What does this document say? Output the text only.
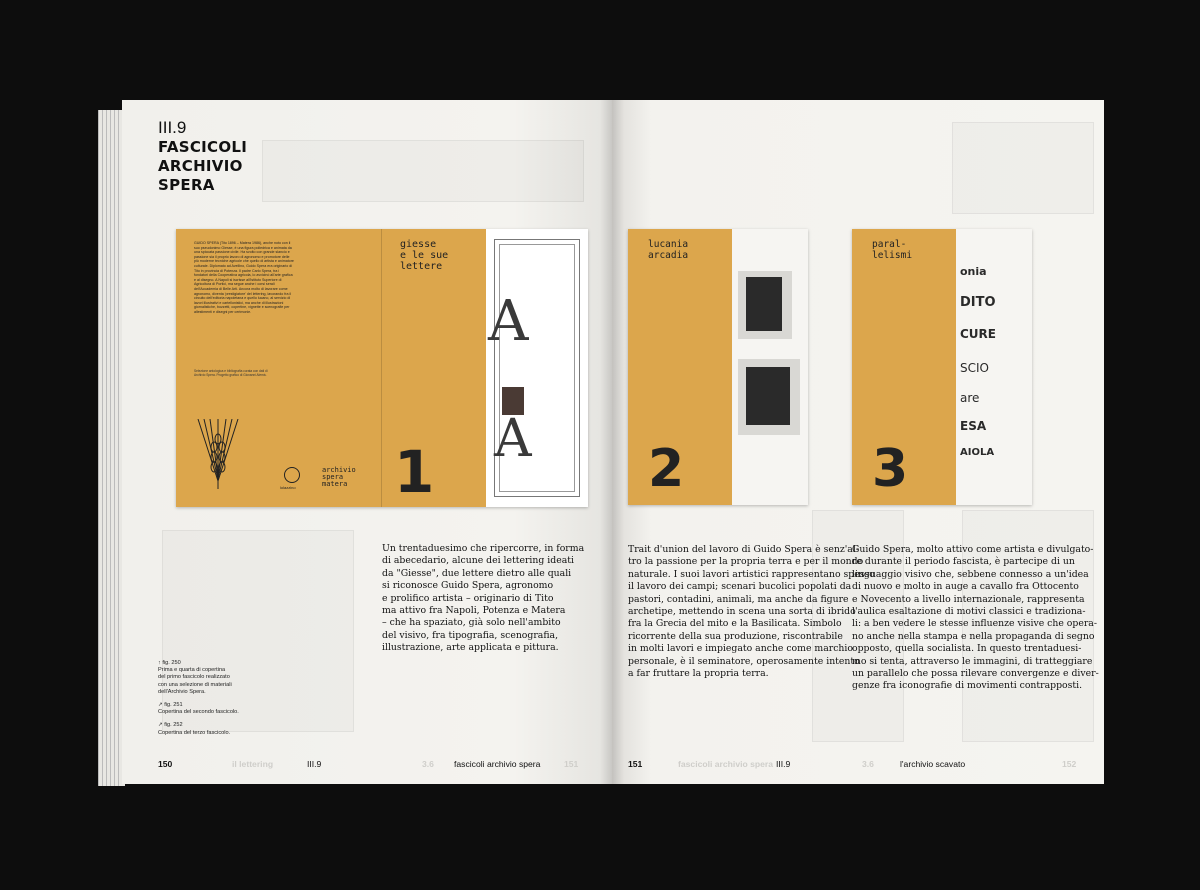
III.9
FASCICOLI
ARCHIVIO
SPERA
GUIDO SPERA (Tito 1896 – Matera 1986), anche noto con il suo pseudonimo Giesse, è una figura poliedrica e animata da una spiccata passione civile. Ha svolto con grande slancio e passione sia il proprio lavoro di agronomo e promotore delle più moderne tecniche agricole che quello di artista e animatore culturale. Diplomato ad Avellino, Guido Spera era originario di Tito in provincia di Potenza. Il padre Carlo Spera, tra i fondatori della Cooperativa agricola, lo avvicinò all'arte grafica e al disegno. A Napoli si iscrisse all'Istituto Superiore di Agricoltura di Portici, ma segue anche i corsi serali dell'Accademia di Belle Arti. Ancora molto di lavorare come agronomo, diventa 'prestigiatore' del lettering, lavorando fra il circuito dell'editoria napoletana e quello lucano, al servizio di lavori illustrativi e cartellonistici, ma anche di illustrazioni giornalistiche, bozzetti, copertine, vignette e scenografie per allestimenti e disegni per cerimonie.
Selezione antologica e bibliografia curata con dati di Archivio Spera. Progetto grafico di Giovanni Alemà.
lolazzino
archivio
spera
matera
giesse
e le sue
lettere
1
A
A
Un trentaduesimo che ripercorre, in forma
di abecedario, alcune dei lettering ideati
da "Giesse", due lettere dietro alle quali
si riconosce Guido Spera, agronomo
e prolifico artista – originario di Tito
ma attivo fra Napoli, Potenza e Matera
– che ha spaziato, già solo nell'ambito
del visivo, fra tipografia, scenografia,
illustrazione, arte applicata e pittura.
↑ fig. 250
Prima e quarta di copertina
del primo fascicolo realizzato
con una selezione di materiali
dell'Archivio Spera.
↗ fig. 251
Copertina del secondo fascicolo.
↗ fig. 252
Copertina del terzo fascicolo.
150	il lettering	III.9	3.6 fascicoli archivio spera	151
lucania
arcadia
2
paral-
lelismi
3
onia
DITO
CURE
SCIO
are
ESA
AIOLA
Trait d'union del lavoro di Guido Spera è senz'al-
tro la passione per la propria terra e per il mondo
naturale. I suoi lavori artistici rappresentano spesso
il lavoro dei campi; scenari bucolici popolati da
pastori, contadini, animali, ma anche da figure
archetipe, mettendo in scena una sorta di ibrido
fra la Grecia del mito e la Basilicata. Simbolo
ricorrente della sua produzione, riscontrabile
in molti lavori e impiegato anche come marchio
personale, è il seminatore, operosamente intento
a far fruttare la propria terra.
Guido Spera, molto attivo come artista e divulgato-
re durante il periodo fascista, è partecipe di un
linguaggio visivo che, sebbene connesso a un'idea
di nuovo e molto in auge a cavallo fra Ottocento
e Novecento a livello internazionale, rappresenta
l'aulica esaltazione di motivi classici e tradiziona-
li: a ben vedere le stesse influenze visive che opera-
no anche nella stampa e nella propaganda di segno
opposto, quella socialista. In questo trentaduesi-
mo si tenta, attraverso le immagini, di tratteggiare
un parallelo che possa rilevare convergenze e diver-
genze fra iconografie di movimenti contrapposti.
151	fascicoli archivio spera III.9	3.6	l'archivio scavato	152
